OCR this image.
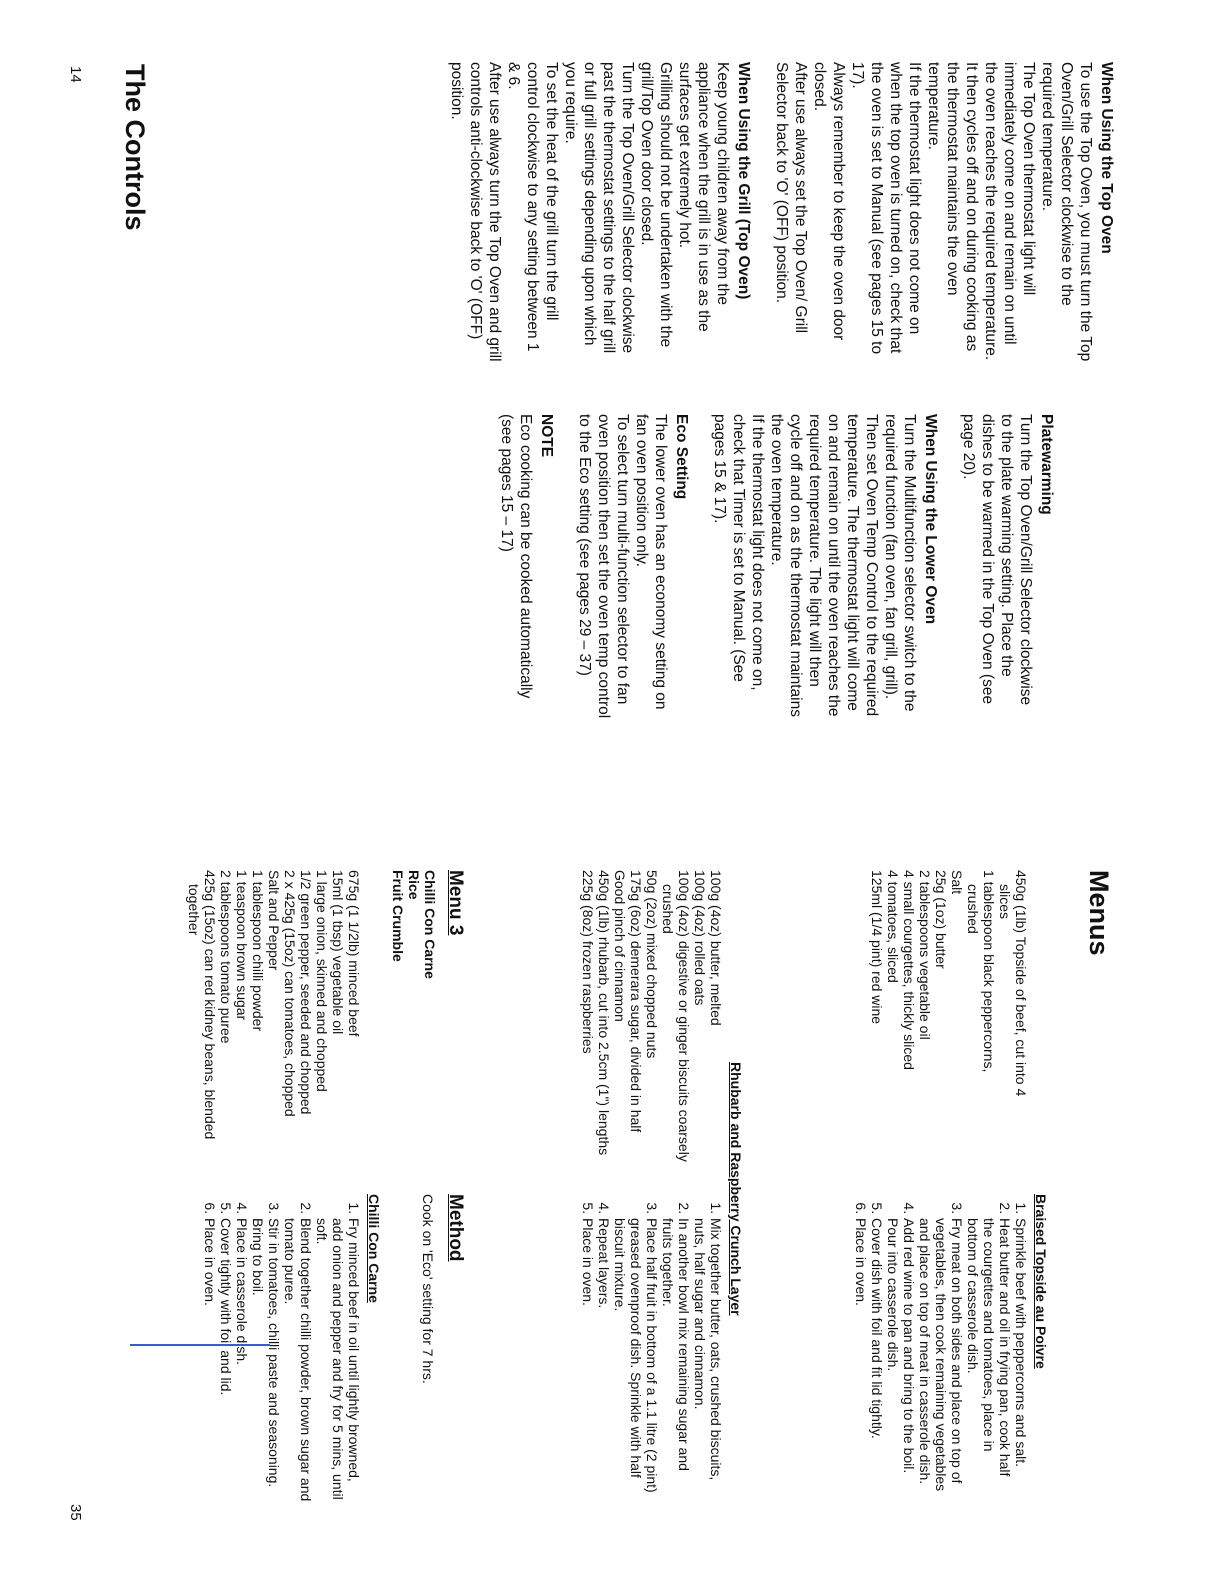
The Controls	When Using the Top Oven

To use the Top Oven, you must turn the Top Oven/Grill Selector clockwise to the required temperature.

The Top Oven thermostat light will immediately come on and remain on until the oven reaches the required temperature.

It then cycles off and on during cooking as the thermostat maintains the oven temperature.

If the thermostat light does not come on when the top oven is turned on, check that the oven is set to Manual (see pages 15 to 17).

Always remember to keep the oven door closed.

After use always set the Top Oven/ Grill Selector back to 'O' (OFF) position.

When Using the Grill (Top Oven)

Keep young children away from the appliance when the grill is in use as the surfaces get extremely hot.

Grilling should not be undertaken with the grill/Top Oven door closed.

Turn the Top Oven/Grill Selector clockwise past the thermostat settings to the half grill or full grill settings depending upon which you require.

To set the heat of the grill turn the grill control clockwise to any setting between 1 & 6.

After use always turn the Top Oven and grill controls anti-clockwise back to 'O' (OFF) position.

Platewarming

Turn the Top Oven/Grill Selector clockwise to the plate warming setting. Place the dishes to be warmed in the Top Oven (see page 20).

When Using the Lower Oven

Turn the Multifunction selector switch to the required function (fan oven, fan grill, grill).

Then set Oven Temp Control to the required temperature. The thermostat light will come on and remain on until the oven reaches the required temperature. The light will then cycle off and on as the thermostat maintains the oven temperature.

If the thermostat light does not come on, check that Timer is set to Manual. (See pages 15 & 17).

Eco Setting

The lower oven has an economy setting on fan oven position only.

To select turn multi-function selector to fan oven position then set the oven temp control to the Eco setting (see pages 29 – 37)

NOTE

Eco cooking can be cooked automatically (see pages 15 – 17)

14
Menus
Braised Topside au Poivre

450g (1lb) Topside of beef, cut into 4 slices

1 tablespoon black peppercorns, crushed

Salt

25g (1oz) butter

2 tablespoons vegetable oil

4 small courgettes, thickly sliced

4 tomatoes, sliced

125ml (1/4 pint) red wine

1. Sprinkle beef with peppercorns and salt.
2. Heat butter and oil in frying pan, cook half the courgettes and tomatoes, place in bottom of casserole dish.
3. Fry meat on both sides and place on top of vegetables, then cook remaining vegetables and place on top of meat in casserole dish.
4. Add red wine to pan and bring to the boil. Pour into casserole dish.
5. Cover dish with foil and fit lid tightly.
6. Place in oven.
Rhubarb and Raspberry Crunch Layer

100g (4oz) butter, melted

100g (4oz) rolled oats

100g (4oz) digestive or ginger biscuits coarsely crushed

50g (2oz) mixed chopped nuts

175g (6oz) demerara sugar, divided in half

Good pinch of cinnamon

450g (1lb) rhubarb, cut into 2.5cm (1") lengths

225g (8oz) frozen raspberries

1. Mix together butter, oats, crushed biscuits, nuts, half sugar and cinnamon.
2. In another bowl mix remaining sugar and fruits together.
3. Place half fruit in bottom of a 1.1 litre (2 pint) greased ovenproof dish. Sprinkle with half biscuit mixture.
4. Repeat layers.
5. Place in oven.
Menu 3
Chilli Con Carne
Rice
Fruit Crumble
Method
Cook on 'Eco' setting for 7 hrs.
Chilli Con Carne

675g (1 1/2lb) minced beef

15ml (1 tbsp) vegetable oil

1 large onion, skinned and chopped

1/2 green pepper, seeded and chopped

2 x 425g (15oz) can tomatoes, chopped

Salt and Pepper

1 tablespoon chilli powder

1 teaspoon brown sugar

2 tablespoons tomato puree

425g (15oz) can red kidney beans, blended together

1. Fry minced beef in oil until lightly browned, add onion and pepper and fry for 5 mins, until soft.
2. Blend together chilli powder, brown sugar and tomato puree.
3. Stir in tomatoes, chilli paste and seasoning. Bring to boil.
4. Place in casserole dish.
5. Cover tightly with foil and lid.
6. Place in oven.
35
